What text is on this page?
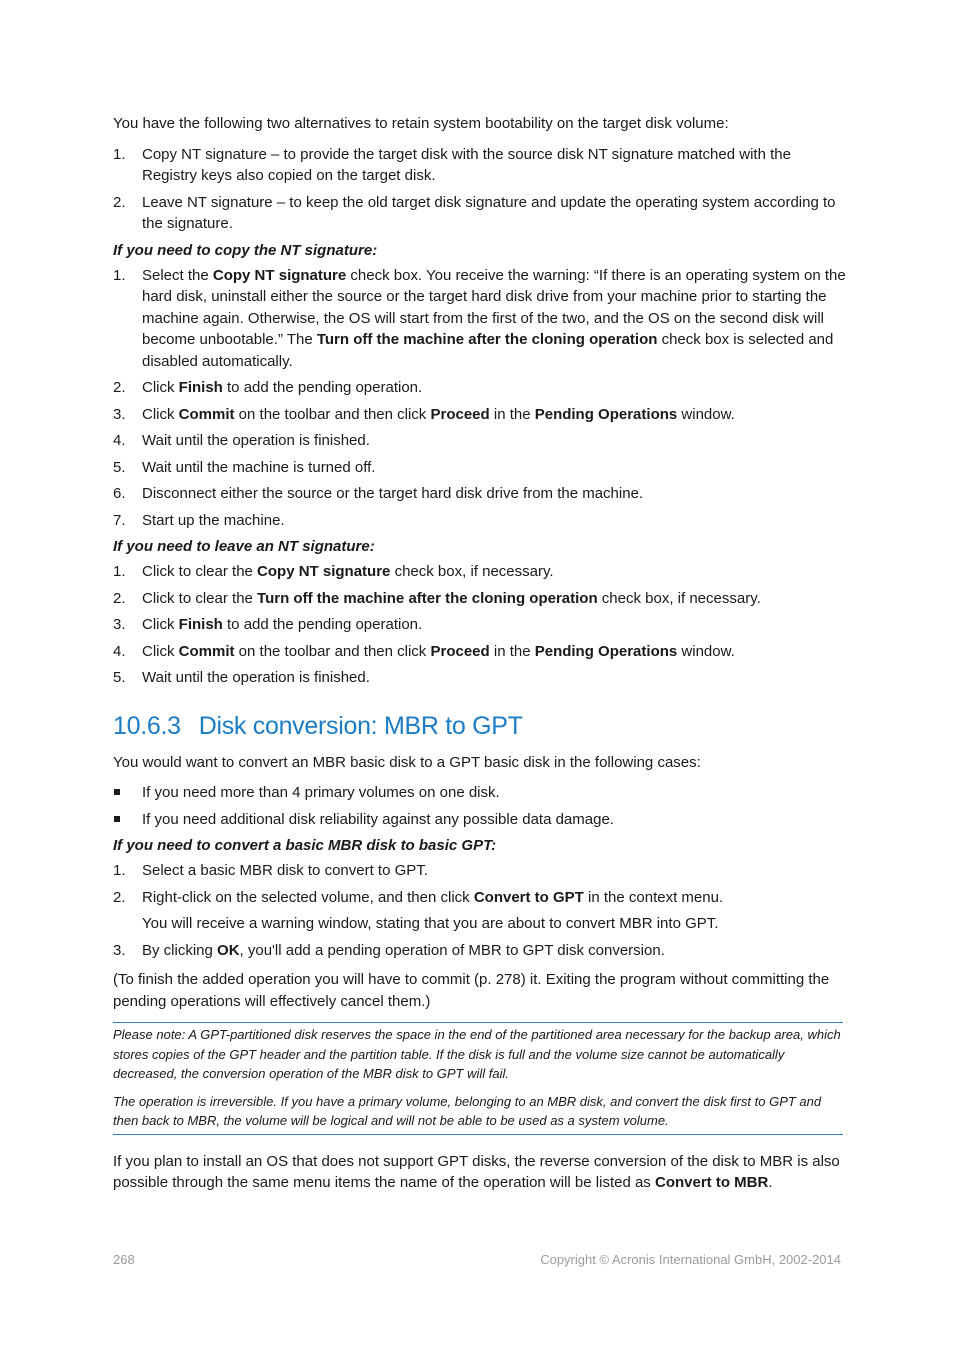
You have the following two alternatives to retain system bootability on the target disk volume:

1. Copy NT signature – to provide the target disk with the source disk NT signature matched with the Registry keys also copied on the target disk.
2. Leave NT signature – to keep the old target disk signature and update the operating system according to the signature.

If you need to copy the NT signature:

1. Select the Copy NT signature check box. You receive the warning: “If there is an operating system on the hard disk, uninstall either the source or the target hard disk drive from your machine prior to starting the machine again. Otherwise, the OS will start from the first of the two, and the OS on the second disk will become unbootable.” The Turn off the machine after the cloning operation check box is selected and disabled automatically.
2. Click Finish to add the pending operation.
3. Click Commit on the toolbar and then click Proceed in the Pending Operations window.
4. Wait until the operation is finished.
5. Wait until the machine is turned off.
6. Disconnect either the source or the target hard disk drive from the machine.
7. Start up the machine.

If you need to leave an NT signature:

1. Click to clear the Copy NT signature check box, if necessary.
2. Click to clear the Turn off the machine after the cloning operation check box, if necessary.
3. Click Finish to add the pending operation.
4. Click Commit on the toolbar and then click Proceed in the Pending Operations window.
5. Wait until the operation is finished.
10.6.3 Disk conversion: MBR to GPT

You would want to convert an MBR basic disk to a GPT basic disk in the following cases:

If you need more than 4 primary volumes on one disk.
If you need additional disk reliability against any possible data damage.

If you need to convert a basic MBR disk to basic GPT:

1. Select a basic MBR disk to convert to GPT.
2. Right-click on the selected volume, and then click Convert to GPT in the context menu.

You will receive a warning window, stating that you are about to convert MBR into GPT.

3. By clicking OK, you'll add a pending operation of MBR to GPT disk conversion.

(To finish the added operation you will have to commit (p. 278) it. Exiting the program without committing the pending operations will effectively cancel them.)

Please note: A GPT-partitioned disk reserves the space in the end of the partitioned area necessary for the backup area, which stores copies of the GPT header and the partition table. If the disk is full and the volume size cannot be automatically decreased, the conversion operation of the MBR disk to GPT will fail.

The operation is irreversible. If you have a primary volume, belonging to an MBR disk, and convert the disk first to GPT and then back to MBR, the volume will be logical and will not be able to be used as a system volume.

If you plan to install an OS that does not support GPT disks, the reverse conversion of the disk to MBR is also possible through the same menu items the name of the operation will be listed as Convert to MBR.

268	Copyright © Acronis International GmbH, 2002-2014
